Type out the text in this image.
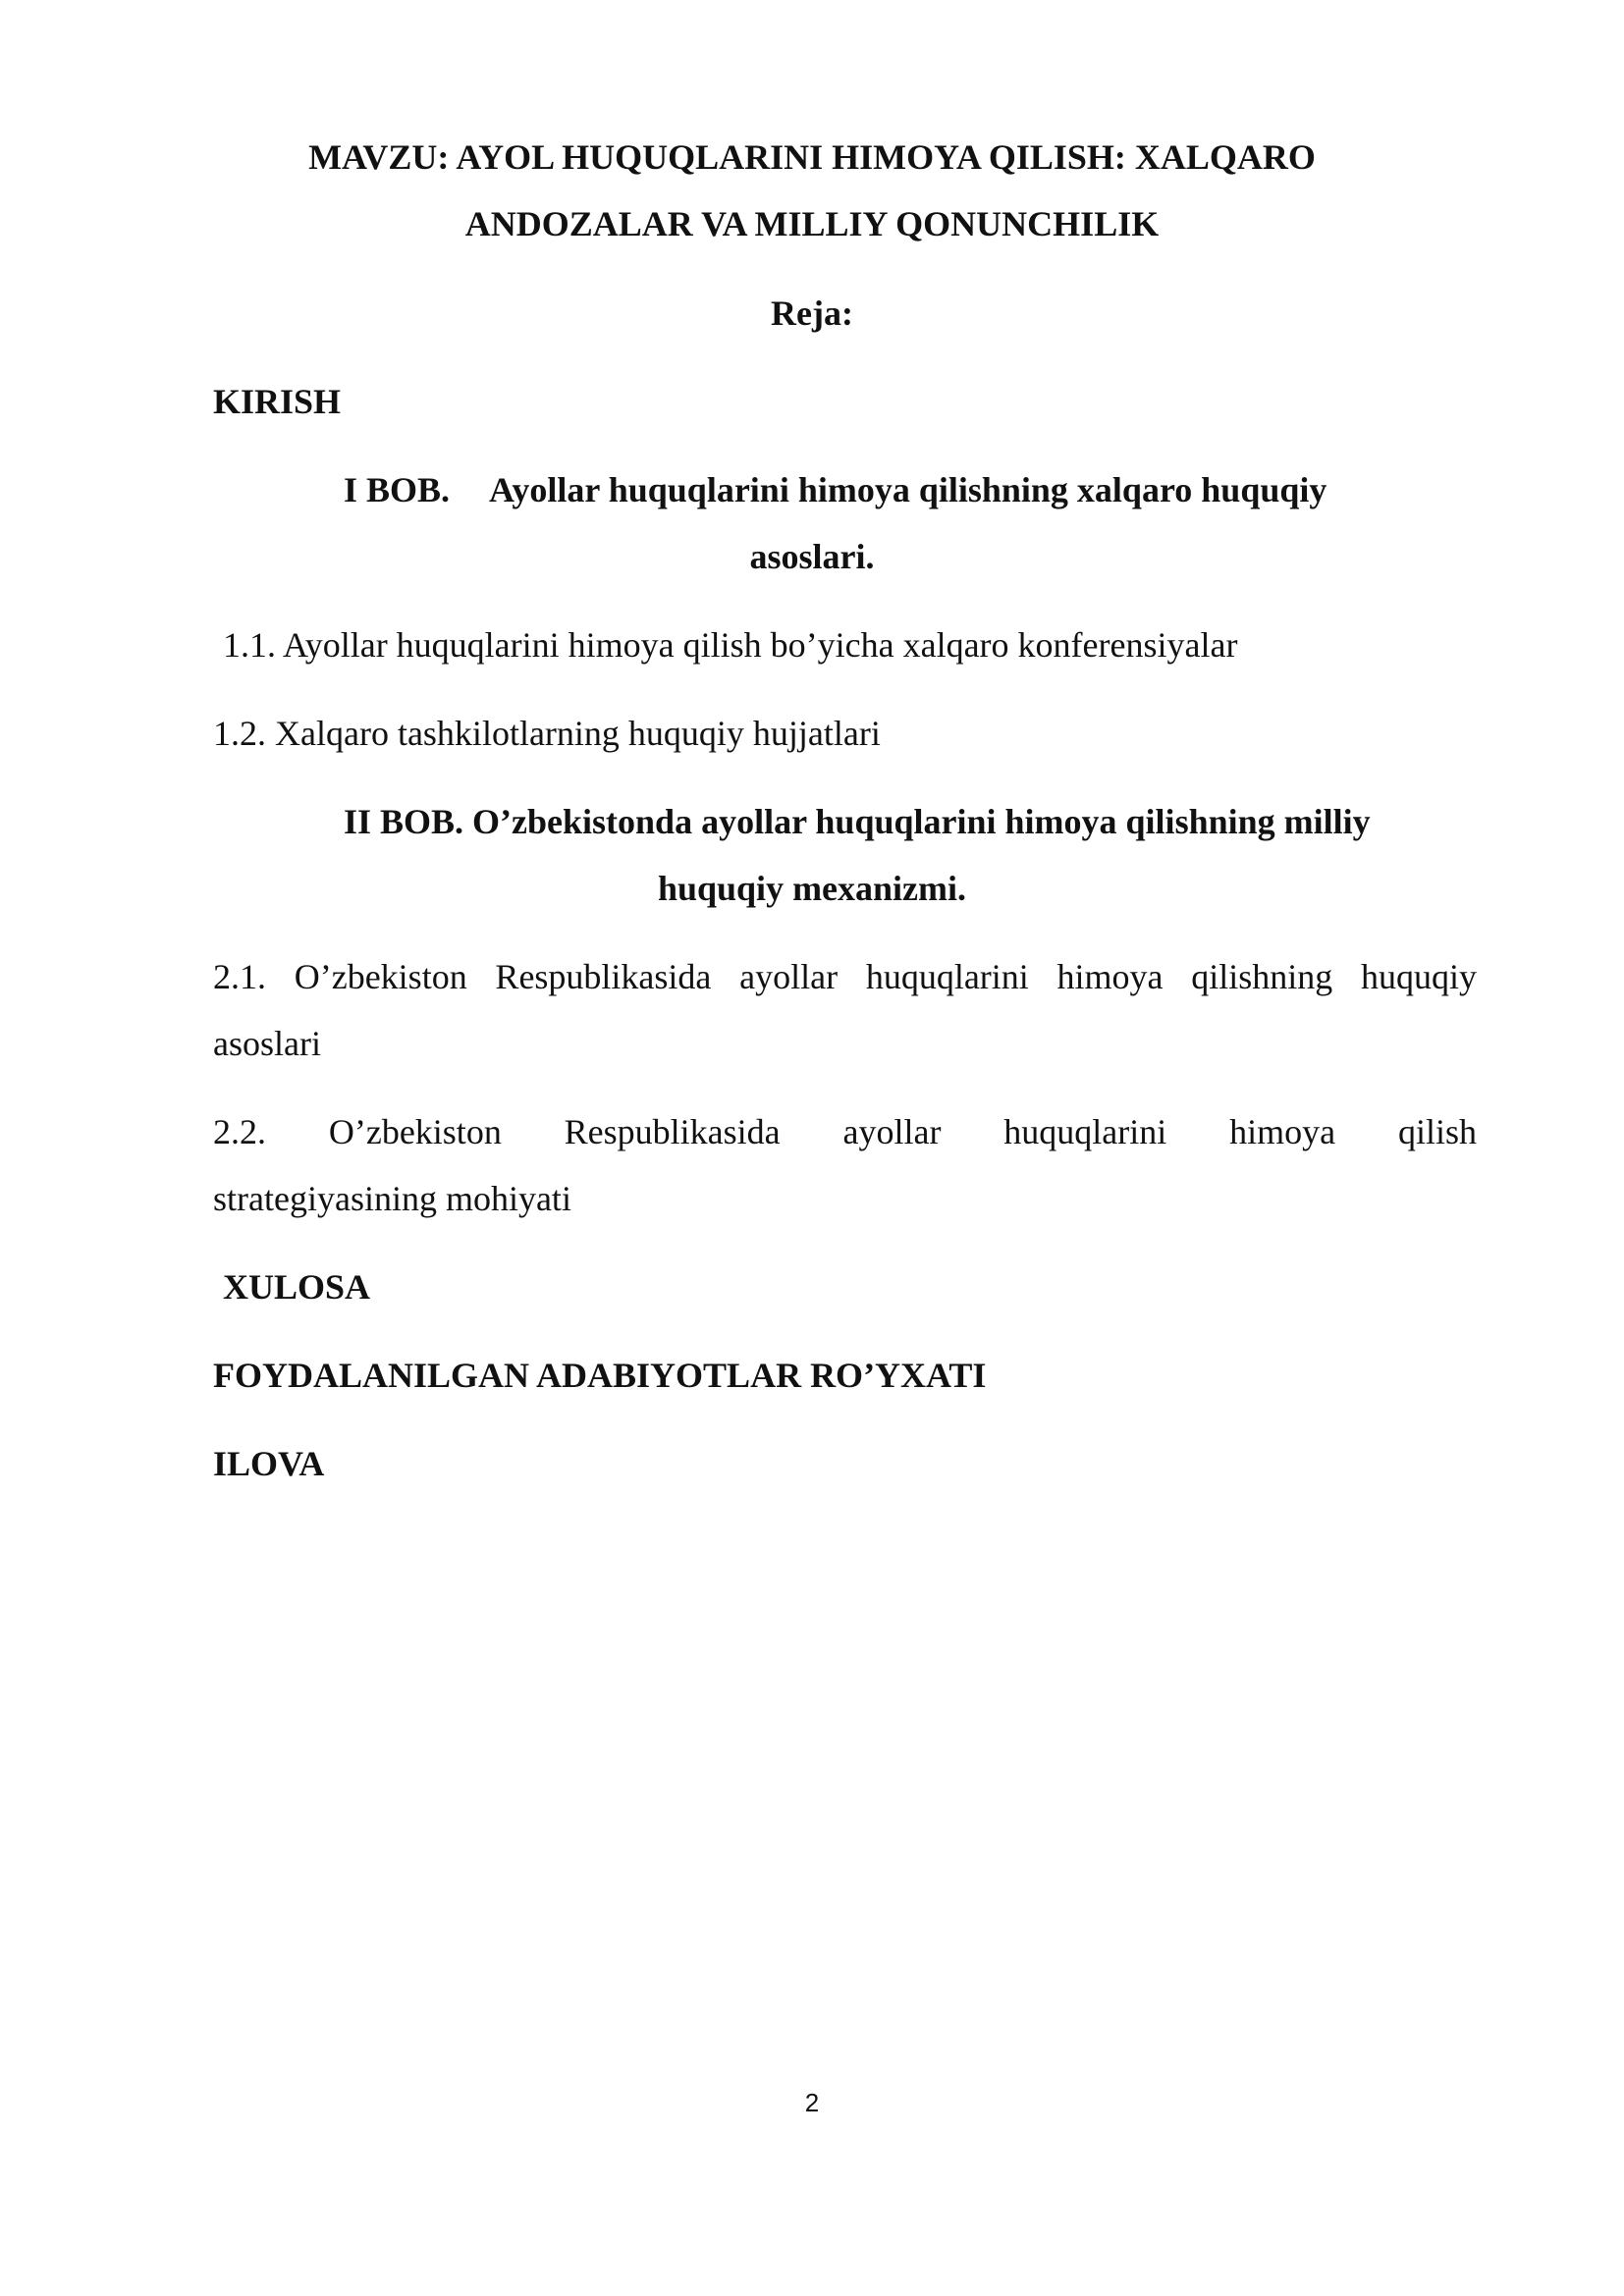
MAVZU: AYOL HUQUQLARINI HIMOYA QILISH: XALQARO
ANDOZALAR VA MILLIY QONUNCHILIK
Reja:
KIRISH
I BOB. Ayollar huquqlarini himoya qilishning xalqaro huquqiy
asoslari.
1.1. Ayollar huquqlarini himoya qilish bo’yicha xalqaro konferensiyalar
1.2. Xalqaro tashkilotlarning huquqiy hujjatlari
II BOB. O’zbekistonda ayollar huquqlarini himoya qilishning milliy
huquqiy mexanizmi.
2.1. O’zbekiston Respublikasida ayollar huquqlarini himoya qilishning huquqiy
asoslari
2.2. O’zbekiston Respublikasida ayollar huquqlarini himoya qilish
strategiyasining mohiyati
XULOSA
FOYDALANILGAN ADABIYOTLAR RO’YXATI
ILOVA
2
